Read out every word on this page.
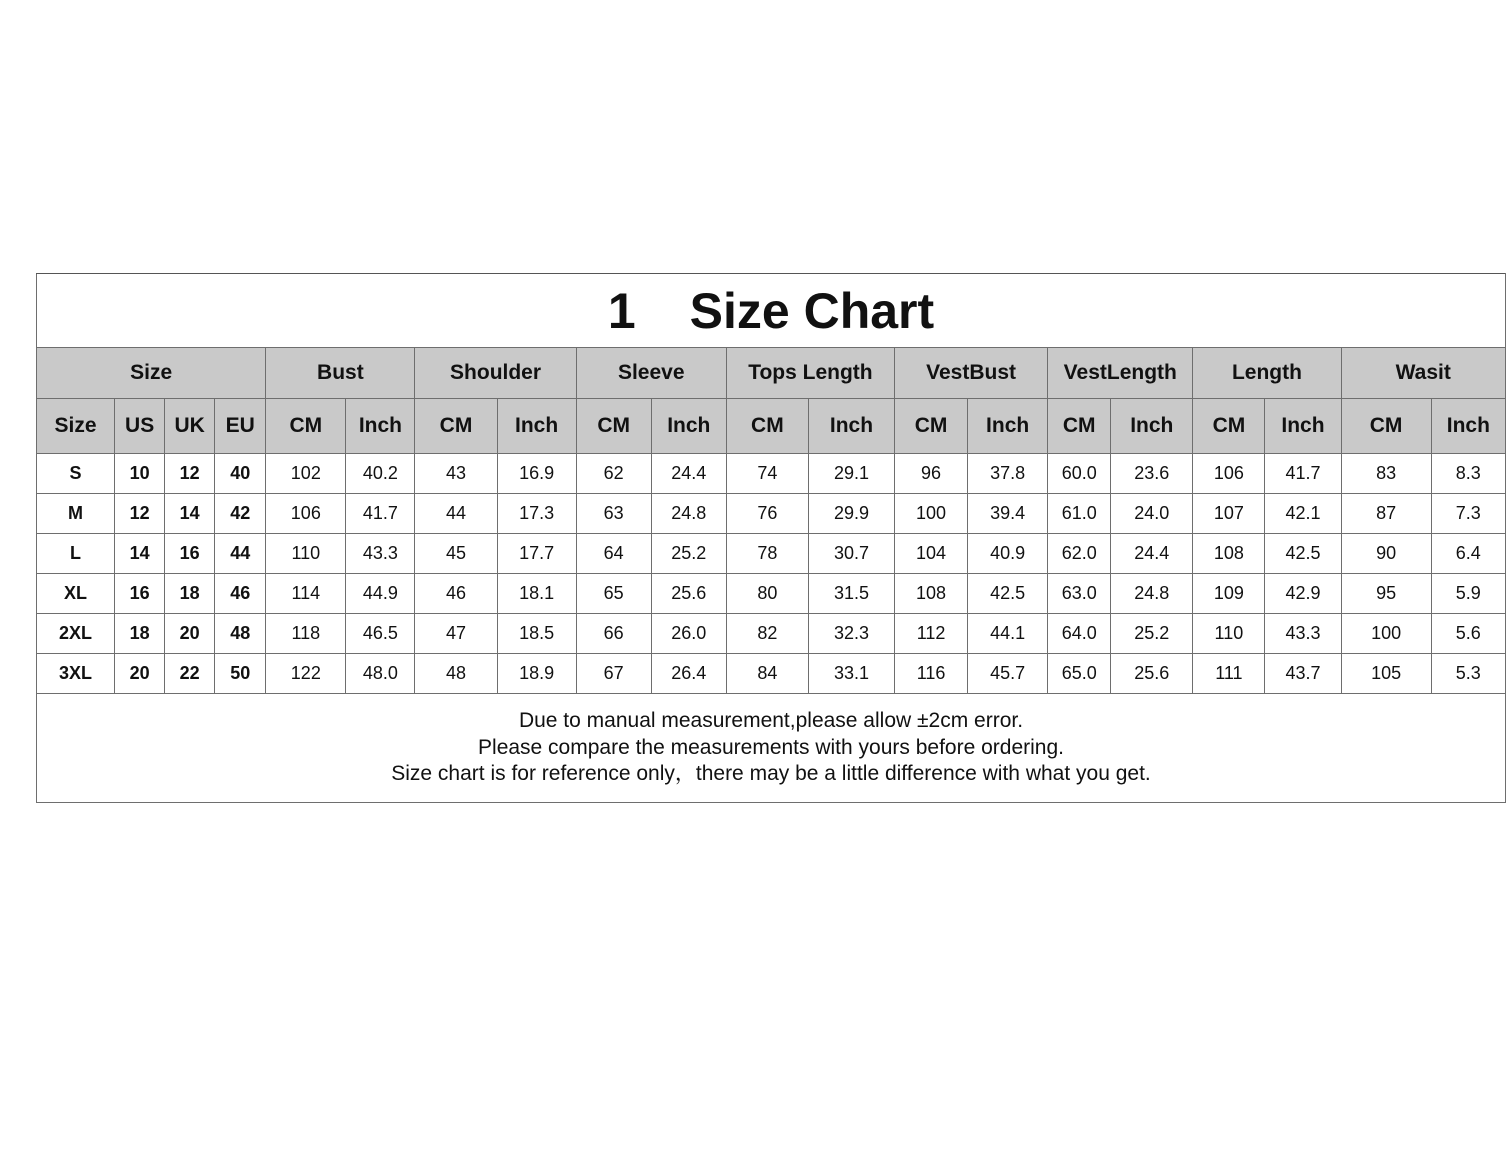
1 Size Chart																			
Size				Bust		Shoulder		Sleeve		Tops Length		VestBust		VestLength		Length		Wasit	
Size	US	UK	EU	CM	Inch	CM	Inch	CM	Inch	CM	Inch	CM	Inch	CM	Inch	CM	Inch	CM	Inch
S	10	12	40	102	40.2	43	16.9	62	24.4	74	29.1	96	37.8	60.0	23.6	106	41.7	83	8.3
M	12	14	42	106	41.7	44	17.3	63	24.8	76	29.9	100	39.4	61.0	24.0	107	42.1	87	7.3
L	14	16	44	110	43.3	45	17.7	64	25.2	78	30.7	104	40.9	62.0	24.4	108	42.5	90	6.4
XL	16	18	46	114	44.9	46	18.1	65	25.6	80	31.5	108	42.5	63.0	24.8	109	42.9	95	5.9
2XL	18	20	48	118	46.5	47	18.5	66	26.0	82	32.3	112	44.1	64.0	25.2	110	43.3	100	5.6
3XL	20	22	50	122	48.0	48	18.9	67	26.4	84	33.1	116	45.7	65.0	25.6	111	43.7	105	5.3

Due to manual measurement,please allow ±2cm error.
Please compare the measurements with yours before ordering.
Size chart is for reference only，there may be a little difference with what you get.																			
